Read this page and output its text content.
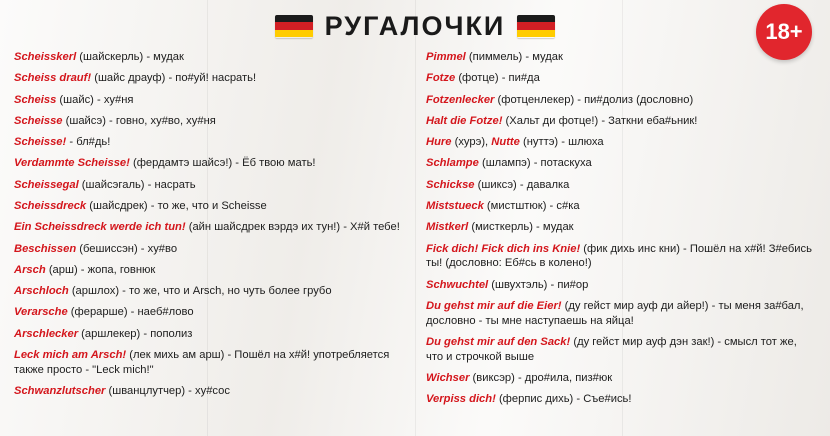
РУГАЛОЧКИ	18+
Scheisskerl (шайскерль) - мудак
Scheiss drauf! (шайс драуф) - по#уй! насрать!
Scheiss (шайс) - ху#ня
Scheisse (шайсэ) - говно, ху#во, ху#ня
Scheisse! - бл#дь!
Verdammte Scheisse! (фердамтэ шайсэ!) - Ёб твою мать!
Scheissegal (шайсэгаль) - насрать
Scheissdreck (шайсдрек) - то же, что и Scheisse
Ein Scheissdreck werde ich tun! (айн шайсдрек вэрдэ их тун!) - Х#й тебе!
Beschissen (бешиссэн) - ху#во
Arsch (арш) - жопа, говнюк
Arschloch (аршлох) - то же, что и Arsch, но чуть более грубо
Verarsche (ферарше) - наеб#лово
Arschlecker (аршлекер) - пополиз
Leck mich am Arsch! (лек михь ам арш) - Пошёл на х#й! употребляется также просто - "Leck mich!"
Schwanzlutscher (шванцлутчер) - ху#сос
Pimmel (пиммель) - мудак
Fotze (фотце) - пи#да
Fotzenlecker (фотценлекер) - пи#долиз (дословно)
Halt die Fotze! (Хальт ди фотце!) - Заткни еба#ьник!
Hure (хурэ), Nutte (нуттэ) - шлюха
Schlampe (шлампэ) - потаскуха
Schickse (шиксэ) - давалка
Miststueck (мистштюк) - с#ка
Mistkerl (мисткерль) - мудак
Fick dich! Fick dich ins Knie! (фик дихь инс кни) - Пошёл на х#й! З#ебись ты! (дословно: Еб#сь в колено!)
Schwuchtel (швухтэль) - пи#ор
Du gehst mir auf die Eier! (ду гейст мир ауф ди айер!) - ты меня за#бал, дословно - ты мне наступаешь на яйца!
Du gehst mir auf den Sack! (ду гейст мир ауф дэн зак!) - смысл тот же, что и строчкой выше
Wichser (виксэр) - дро#ила, пиз#юк
Verpiss dich! (ферпис дихь) - Съе#ись!
